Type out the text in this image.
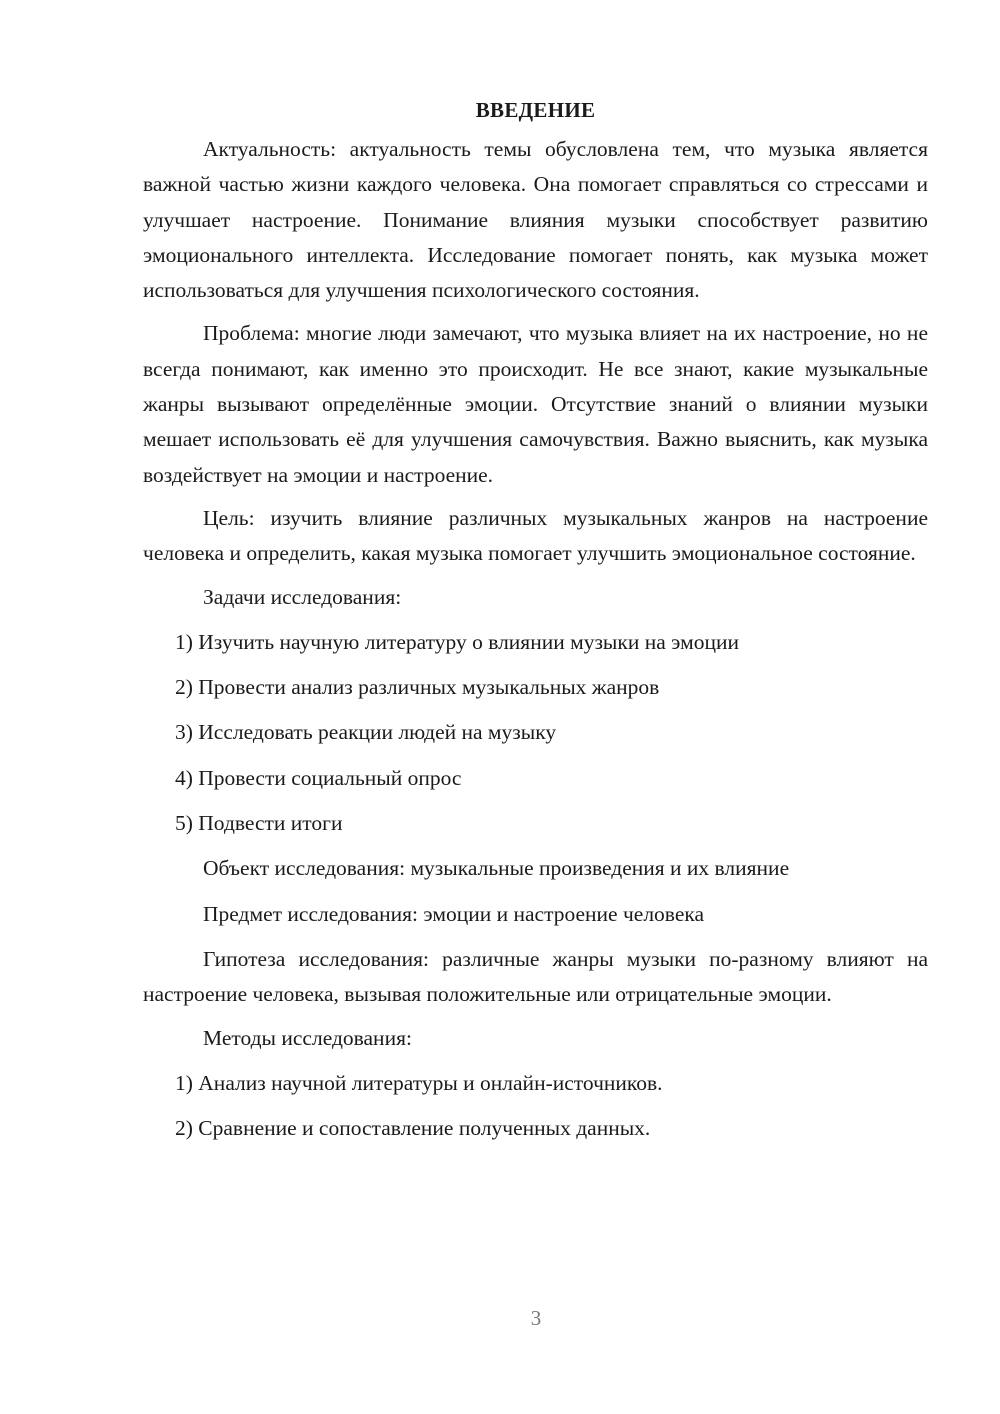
ВВЕДЕНИЕ

Актуальность: актуальность темы обусловлена тем, что музыка является важной частью жизни каждого человека. Она помогает справляться со стрессами и улучшает настроение. Понимание влияния музыки способствует развитию эмоционального интеллекта. Исследование помогает понять, как музыка может использоваться для улучшения психологического состояния.

Проблема: многие люди замечают, что музыка влияет на их настроение, но не всегда понимают, как именно это происходит. Не все знают, какие музыкальные жанры вызывают определённые эмоции. Отсутствие знаний о влиянии музыки мешает использовать её для улучшения самочувствия. Важно выяснить, как музыка воздействует на эмоции и настроение.

Цель: изучить влияние различных музыкальных жанров на настроение человека и определить, какая музыка помогает улучшить эмоциональное состояние.

Задачи исследования:

1) Изучить научную литературу о влиянии музыки на эмоции
2) Провести анализ различных музыкальных жанров
3) Исследовать реакции людей на музыку
4) Провести социальный опрос
5) Подвести итоги

Объект исследования: музыкальные произведения и их влияние

Предмет исследования: эмоции и настроение человека

Гипотеза исследования: различные жанры музыки по-разному влияют на настроение человека, вызывая положительные или отрицательные эмоции.

Методы исследования:

1) Анализ научной литературы и онлайн-источников.
2) Сравнение и сопоставление полученных данных.
3
